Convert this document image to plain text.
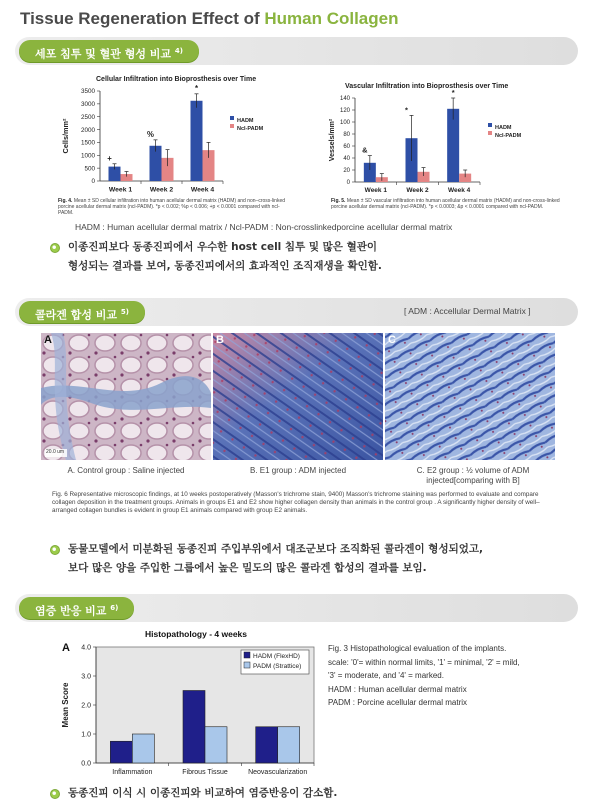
Tissue Regeneration Effect of Human Collagen
세포 침투 및 혈관 형성 비교 $^{4)}$
Cellular Infiltration into Bioprosthesis over Time
0
500
1000
1500
2000
2500
3000
3500
Cells/mm²
Week 1
+
Week 2
%
Week 4
*
HADM
Ncl-PADM
Fig. 4. Mean ± SD cellular infiltration into human acellular dermal matrix (HADM) and non–cross-linked porcine acellular dermal matrix (ncl-PADM). *p < 0.002; %p < 0.006; +p < 0.0001 compared with ncl-PADM.
Vascular Infiltration into Bioprosthesis over Time
0
20
40
60
80
100
120
140
Vessels/mm²
Week 1
&
Week 2
*
Week 4
*
HADM
Ncl-PADM
Fig. 5. Mean ± SD vascular infiltration into human acellular dermal matrix (HADM) and non-cross-linked porcine acellular dermal matrix (ncl-PADM). *p < 0.0003; &p < 0.0001 compared with ncl-PADM.
HADM : Human acellular dermal matrix / Ncl-PADM : Non-crosslinkedporcine acellular dermal matrix
이종진피보다 동종진피에서 우수한 host cell 침투 및 많은 혈관이
형성되는 결과를 보여, 동종진피에서의 효과적인 조직재생을 확인함.
콜라겐 합성 비교 $^{5)}$	[ ADM : Accellular Dermal Matrix ]
A
20.0 um
A. Control group : Saline injected
B
B. E1 group : ADM injected
C
C. E2 group : ½ volume of ADM injected[comparing with B]
Fig. 6 Representative microscopic findings, at 10 weeks postoperatively (Masson's trichrome stain, 9400) Masson's trichrome staining was performed to evaluate and compare collagen deposition in the treatment groups. Animals in groups E1 and E2 show higher collagen density than animals in the control group . A significantly higher density of well–arranged collagen bundles is evident in group E1 animals compared with group E2 animals.
동물모델에서 미분화된 동종진피 주입부위에서 대조군보다 조직화된 콜라겐이 형성되었고,
보다 많은 양을 주입한 그룹에서 높은 밀도의 많은 콜라겐 합성의 결과를 보임.
염증 반응 비교 $^{6)}$
A
Histopathology - 4 weeks
0.0
1.0
2.0
3.0
4.0
Mean Score
Inflammation	Fibrous Tissue	Neovascularization
HADM (FlexHD)
PADM (Strattice)
Fig. 3 Histopathological evaluation of the implants.
scale: '0'= within normal limits, '1' = minimal, '2' = mild,
'3' = moderate, and '4' = marked.
HADM : Human acellular dermal matrix
PADM : Porcine acellular dermal matrix
동종진피 이식 시 이종진피와 비교하여 염증반응이 감소함.
